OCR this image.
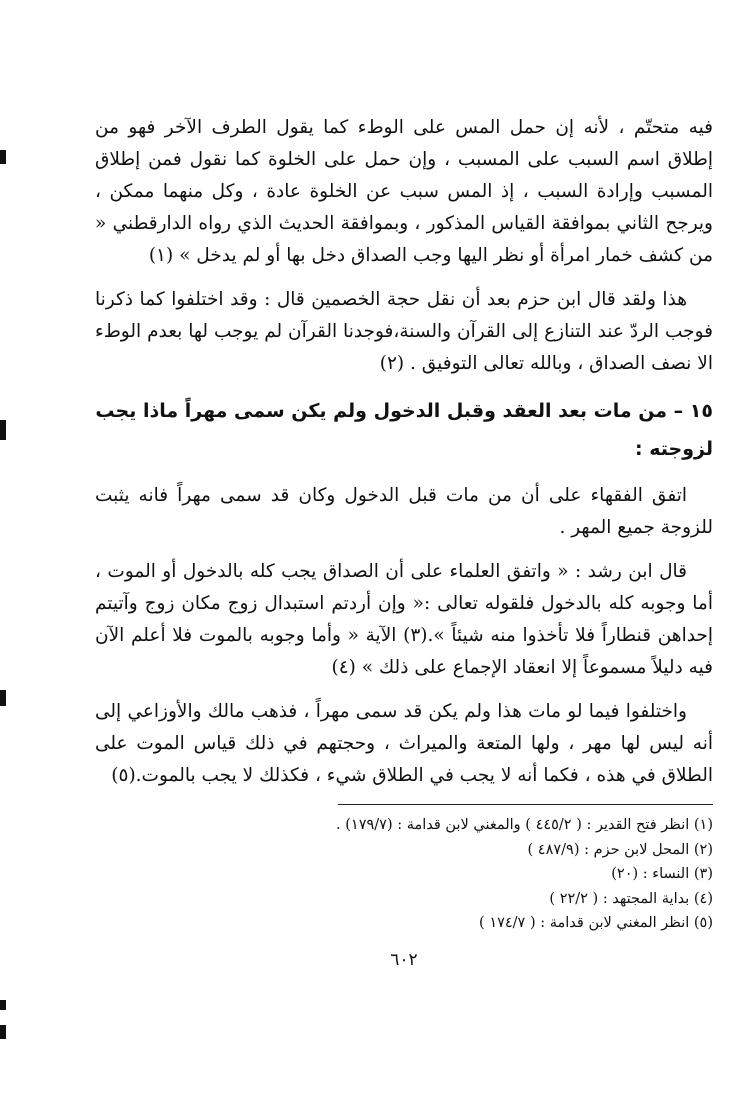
فيه متحتّم ، لأنه إن حمل المس على الوطء كما يقول الطرف الآخر فهو من إطلاق اسم السبب على المسبب ، وإن حمل على الخلوة كما نقول فمن إطلاق المسبب وإرادة السبب ، إذ المس سبب عن الخلوة عادة ، وكل منهما ممكن ، ويرجح الثاني بموافقة القياس المذكور ، وبموافقة الحديث الذي رواه الدارقطني « من كشف خمار امرأة أو نظر اليها وجب الصداق دخل بها أو لم يدخل » (١)

هذا ولقد قال ابن حزم بعد أن نقل حجة الخصمين قال : وقد اختلفوا كما ذكرنا فوجب الردّ عند التنازع إلى القرآن والسنة،فوجدنا القرآن لم يوجب لها بعدم الوطء الا نصف الصداق ، وبالله تعالى التوفيق . (٢)

١٥ – من مات بعد العقد وقبل الدخول ولم يكن سمى مهراً ماذا يجب لزوجته :

اتفق الفقهاء على أن من مات قبل الدخول وكان قد سمى مهراً فانه يثبت للزوجة جميع المهر .

قال ابن رشد : « واتفق العلماء على أن الصداق يجب كله بالدخول أو الموت ، أما وجوبه كله بالدخول فلقوله تعالى :« وإن أردتم استبدال زوج مكان زوج وآتيتم إحداهن قنطاراً فلا تأخذوا منه شيئاً ».(٣) الآية « وأما وجوبه بالموت فلا أعلم الآن فيه دليلاً مسموعاً إلا انعقاد الإجماع على ذلك » (٤)

واختلفوا فيما لو مات هذا ولم يكن قد سمى مهراً ، فذهب مالك والأوزاعي إلى أنه ليس لها مهر ، ولها المتعة والميراث ، وحجتهم في ذلك قياس الموت على الطلاق في هذه ، فكما أنه لا يجب في الطلاق شيء ، فكذلك لا يجب بالموت.(٥)

(١) انظر فتح القدير : ( ٤٤٥/٢ ) والمغني لابن قدامة : (١٧٩/٧) .
(٢) المحل لابن حزم : (٤٨٧/٩ )
(٣) النساء : (٢٠)
(٤) بداية المجتهد : ( ٢٢/٢ )
(٥) انظر المغني لابن قدامة : ( ١٧٤/٧ )
٦٠٢
